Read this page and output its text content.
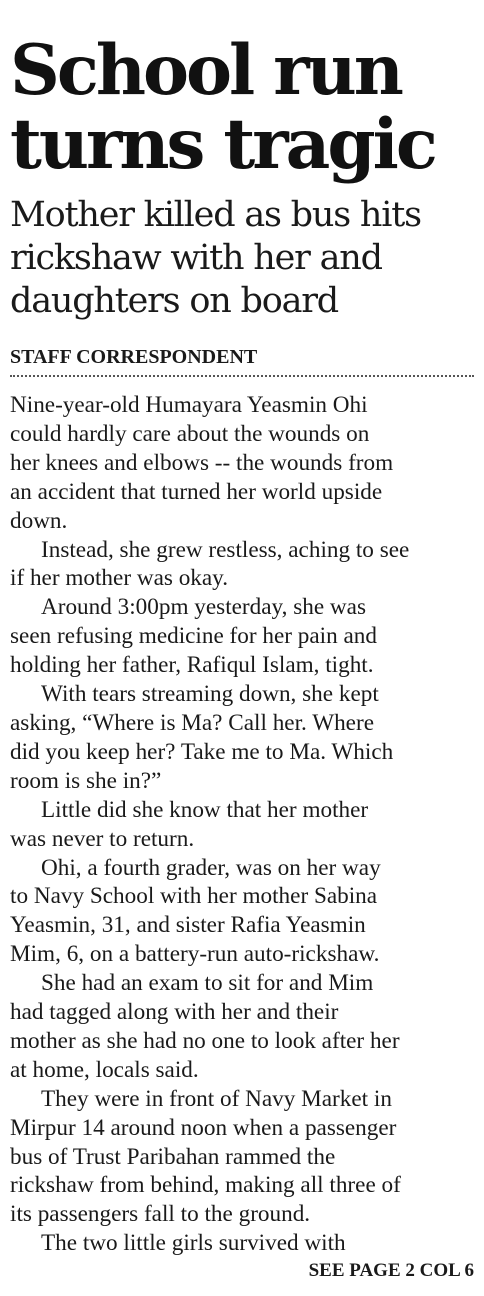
School run
turns tragic
Mother killed as bus hits
rickshaw with her and
daughters on board
STAFF CORRESPONDENT

Nine-year-old Humayara Yeasmin Ohi
could hardly care about the wounds on
her knees and elbows -- the wounds from
an accident that turned her world upside
down.

Instead, she grew restless, aching to see
if her mother was okay.

Around 3:00pm yesterday, she was
seen refusing medicine for her pain and
holding her father, Rafiqul Islam, tight.

With tears streaming down, she kept
asking, “Where is Ma? Call her. Where
did you keep her? Take me to Ma. Which
room is she in?”

Little did she know that her mother
was never to return.

Ohi, a fourth grader, was on her way
to Navy School with her mother Sabina
Yeasmin, 31, and sister Rafia Yeasmin
Mim, 6, on a battery-run auto-rickshaw.

She had an exam to sit for and Mim
had tagged along with her and their
mother as she had no one to look after her
at home, locals said.

They were in front of Navy Market in
Mirpur 14 around noon when a passenger
bus of Trust Paribahan rammed the
rickshaw from behind, making all three of
its passengers fall to the ground.

The two little girls survived with

SEE PAGE 2 COL 6
